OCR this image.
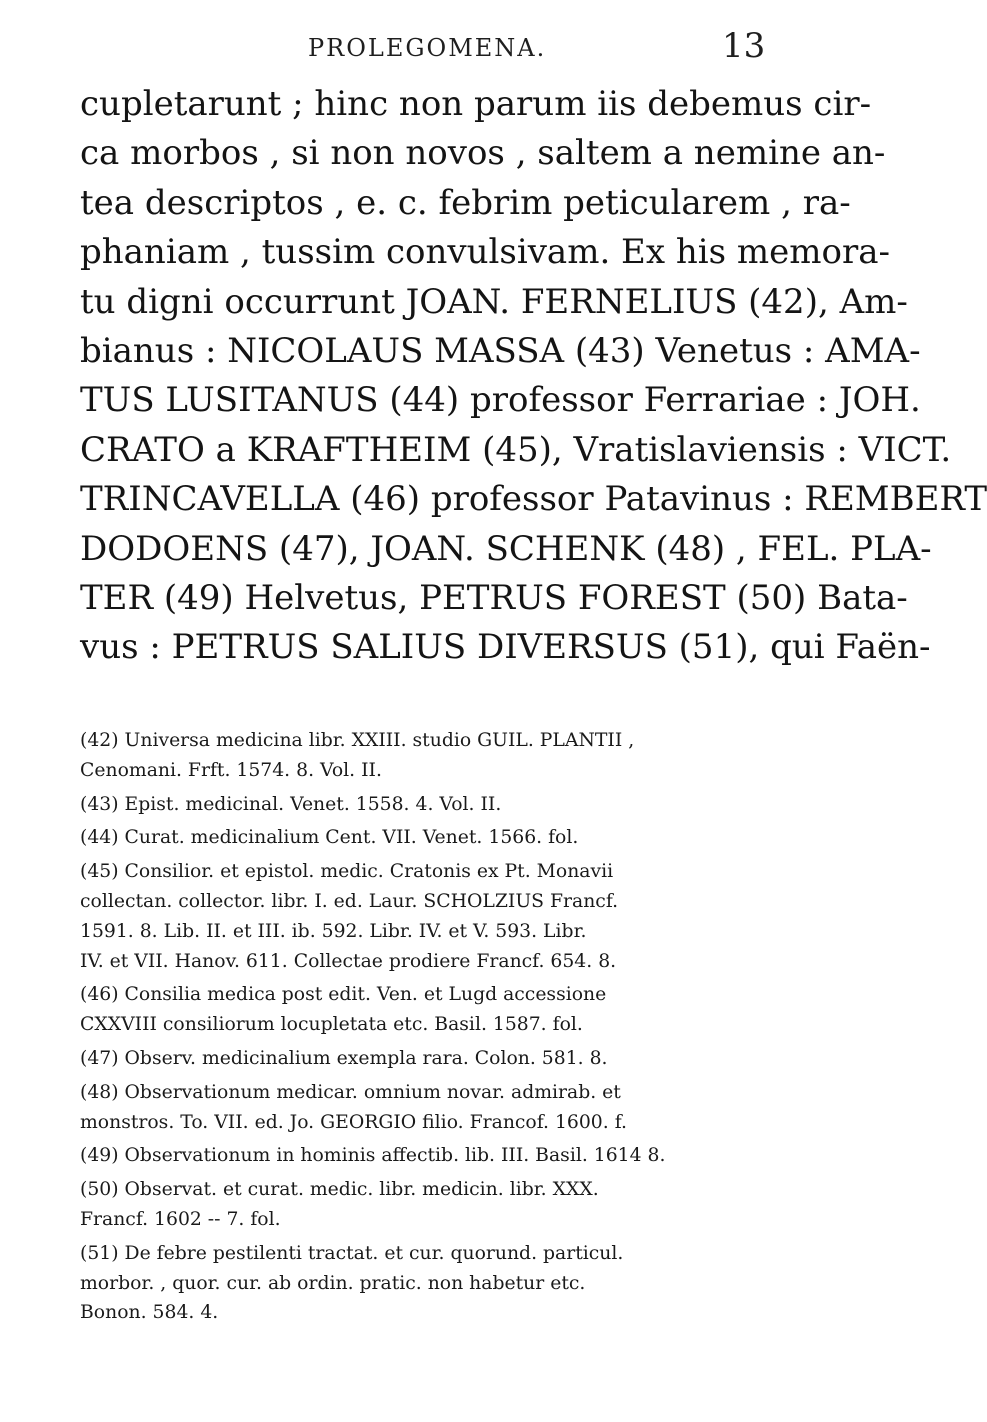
PROLEGOMENA.	13
cupletarunt ; hinc non parum iis debemus cir-
ca morbos , si non novos , saltem a nemine an-
tea descriptos , e. c. febrim peticularem , ra-
phaniam , tussim convulsivam. Ex his memora-
tu digni occurrunt JOAN. FERNELIUS (42), Am-
bianus : NICOLAUS MASSA (43) Venetus : AMA-
TUS LUSITANUS (44) professor Ferrariae : JOH.
CRATO a KRAFTHEIM (45), Vratislaviensis : VICT.
TRINCAVELLA (46) professor Patavinus : REMBERT
DODOENS (47), JOAN. SCHENK (48) , FEL. PLA-
TER (49) Helvetus, PETRUS FOREST (50) Bata-
vus : PETRUS SALIUS DIVERSUS (51), qui Faën-
(42) Universa medicina libr. XXIII. studio GUIL. PLANTII ,
Cenomani. Frft. 1574. 8. Vol. II.
(43) Epist. medicinal. Venet. 1558. 4. Vol. II.
(44) Curat. medicinalium Cent. VII. Venet. 1566. fol.
(45) Consilior. et epistol. medic. Cratonis ex Pt. Monavii
collectan. collector. libr. I. ed. Laur. SCHOLZIUS Francf.
1591. 8. Lib. II. et III. ib. 592. Libr. IV. et V. 593. Libr.
IV. et VII. Hanov. 611. Collectae prodiere Francf. 654. 8.
(46) Consilia medica post edit. Ven. et Lugd accessione
CXXVIII consiliorum locupletata etc. Basil. 1587. fol.
(47) Observ. medicinalium exempla rara. Colon. 581. 8.
(48) Observationum medicar. omnium novar. admirab. et
monstros. To. VII. ed. Jo. GEORGIO filio. Francof. 1600. f.
(49) Observationum in hominis affectib. lib. III. Basil. 1614 8.
(50) Observat. et curat. medic. libr. medicin. libr. XXX.
Francf. 1602 -- 7. fol.
(51) De febre pestilenti tractat. et cur. quorund. particul.
morbor. , quor. cur. ab ordin. pratic. non habetur etc.
Bonon. 584. 4.
